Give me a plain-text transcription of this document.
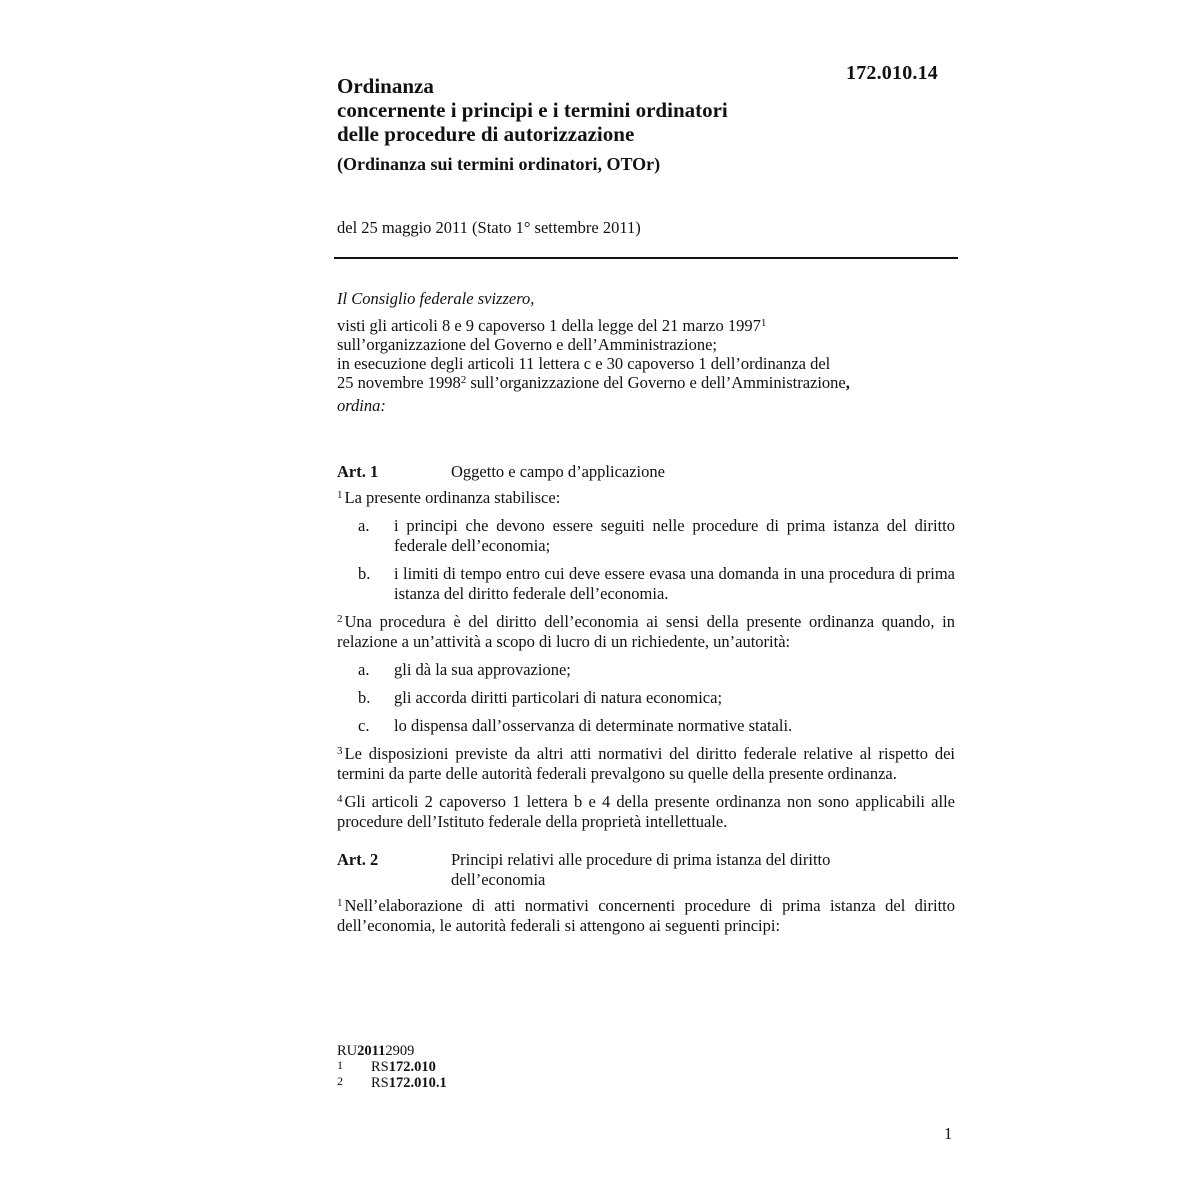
172.010.14
Ordinanza
concernente i principi e i termini ordinatori
delle procedure di autorizzazione
(Ordinanza sui termini ordinatori, OTOr)
del 25 maggio 2011 (Stato 1° settembre 2011)
Il Consiglio federale svizzero,
visti gli articoli 8 e 9 capoverso 1 della legge del 21 marzo 1997$^1$
sull’organizzazione del Governo e dell’Amministrazione;
in esecuzione degli articoli 11 lettera c e 30 capoverso 1 dell’ordinanza del
25 novembre 1998$^2$ sull’organizzazione del Governo e dell’Amministrazione,
ordina:
Art. 1	Oggetto e campo d’applicazione
$^1$ La presente ordinanza stabilisce:
a.	i principi che devono essere seguiti nelle procedure di prima istanza del diritto federale dell’economia;
b.	i limiti di tempo entro cui deve essere evasa una domanda in una procedura di prima istanza del diritto federale dell’economia.
$^2$ Una procedura è del diritto dell’economia ai sensi della presente ordinanza quando, in relazione a un’attività a scopo di lucro di un richiedente, un’autorità:
a.	gli dà la sua approvazione;
b.	gli accorda diritti particolari di natura economica;
c.	lo dispensa dall’osservanza di determinate normative statali.
$^3$ Le disposizioni previste da altri atti normativi del diritto federale relative al rispetto dei termini da parte delle autorità federali prevalgono su quelle della presente ordinanza.
$^4$ Gli articoli 2 capoverso 1 lettera b e 4 della presente ordinanza non sono applicabili alle procedure dell’Istituto federale della proprietà intellettuale.
Art. 2	Principi relativi alle procedure di prima istanza del diritto
dell’economia
$^1$ Nell’elaborazione di atti normativi concernenti procedure di prima istanza del diritto dell’economia, le autorità federali si attengono ai seguenti principi:
RU 2011 2909
1	RS 172.010
2	RS 172.010.1
1
